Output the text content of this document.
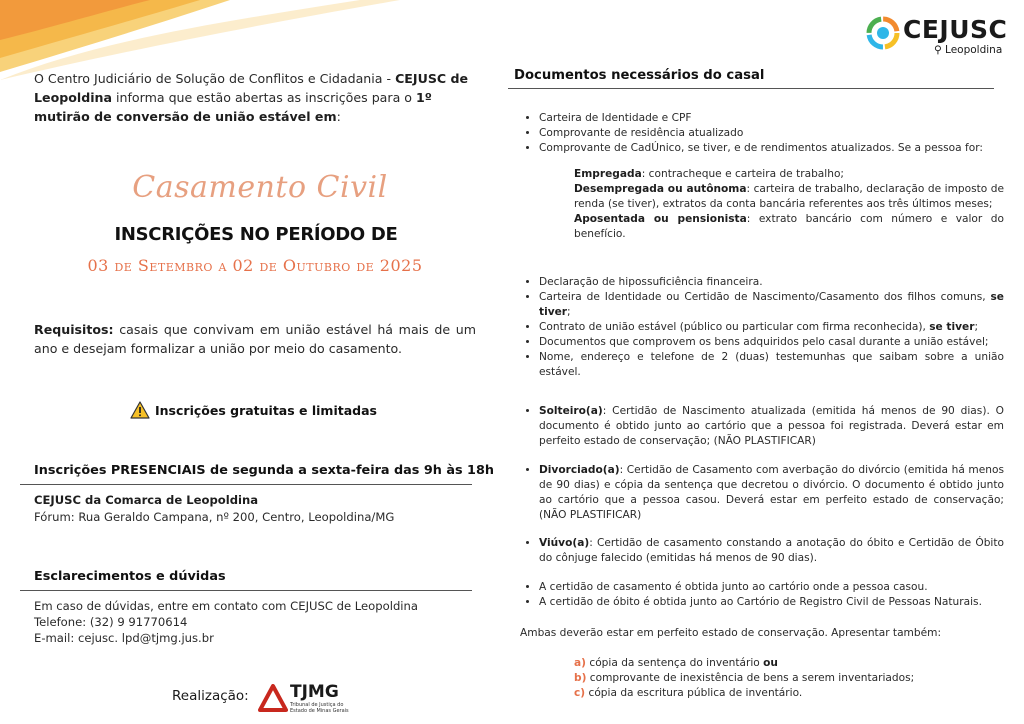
CEJUSC
⚲ Leopoldina
O Centro Judiciário de Solução de Conflitos e Cidadania - CEJUSC de Leopoldina informa que estão abertas as inscrições para o 1º mutirão de conversão de união estável em:
Casamento Civil
INSCRIÇÕES NO PERÍODO DE
03 de Setembro a 02 de Outubro de 2025
Requisitos: casais que convivam em união estável há mais de um ano e desejam formalizar a união por meio do casamento.
Inscrições gratuitas e limitadas
Inscrições PRESENCIAIS de segunda a sexta-feira das 9h às 18h
CEJUSC da Comarca de Leopoldina
Fórum: Rua Geraldo Campana, nº 200, Centro, Leopoldina/MG
Esclarecimentos e dúvidas
Em caso de dúvidas, entre em contato com CEJUSC de Leopoldina
Telefone: (32) 9 91770614
E-mail: cejusc. lpd@tjmg.jus.br
Realização: TJMG
Tribunal de Justiça do
Estado de Minas Gerais
Documentos necessários do casal
• Carteira de Identidade e CPF
• Comprovante de residência atualizado
• Comprovante de CadÚnico, se tiver, e de rendimentos atualizados. Se a pessoa for:
Empregada: contracheque e carteira de trabalho;
Desempregada ou autônoma: carteira de trabalho, declaração de imposto de renda (se tiver), extratos da conta bancária referentes aos três últimos meses;
Aposentada ou pensionista: extrato bancário com número e valor do benefício.
• Declaração de hipossuficiência financeira.
• Carteira de Identidade ou Certidão de Nascimento/Casamento dos filhos comuns, se tiver;
• Contrato de união estável (público ou particular com firma reconhecida), se tiver;
• Documentos que comprovem os bens adquiridos pelo casal durante a união estável;
• Nome, endereço e telefone de 2 (duas) testemunhas que saibam sobre a união estável.
• Solteiro(a): Certidão de Nascimento atualizada (emitida há menos de 90 dias). O documento é obtido junto ao cartório que a pessoa foi registrada. Deverá estar em perfeito estado de conservação; (NÃO PLASTIFICAR)
• Divorciado(a): Certidão de Casamento com averbação do divórcio (emitida há menos de 90 dias) e cópia da sentença que decretou o divórcio. O documento é obtido junto ao cartório que a pessoa casou. Deverá estar em perfeito estado de conservação; (NÃO PLASTIFICAR)
• Viúvo(a): Certidão de casamento constando a anotação do óbito e Certidão de Óbito do cônjuge falecido (emitidas há menos de 90 dias).
• A certidão de casamento é obtida junto ao cartório onde a pessoa casou.
• A certidão de óbito é obtida junto ao Cartório de Registro Civil de Pessoas Naturais.
Ambas deverão estar em perfeito estado de conservação. Apresentar também:
a) cópia da sentença do inventário ou
b) comprovante de inexistência de bens a serem inventariados;
c) cópia da escritura pública de inventário.
